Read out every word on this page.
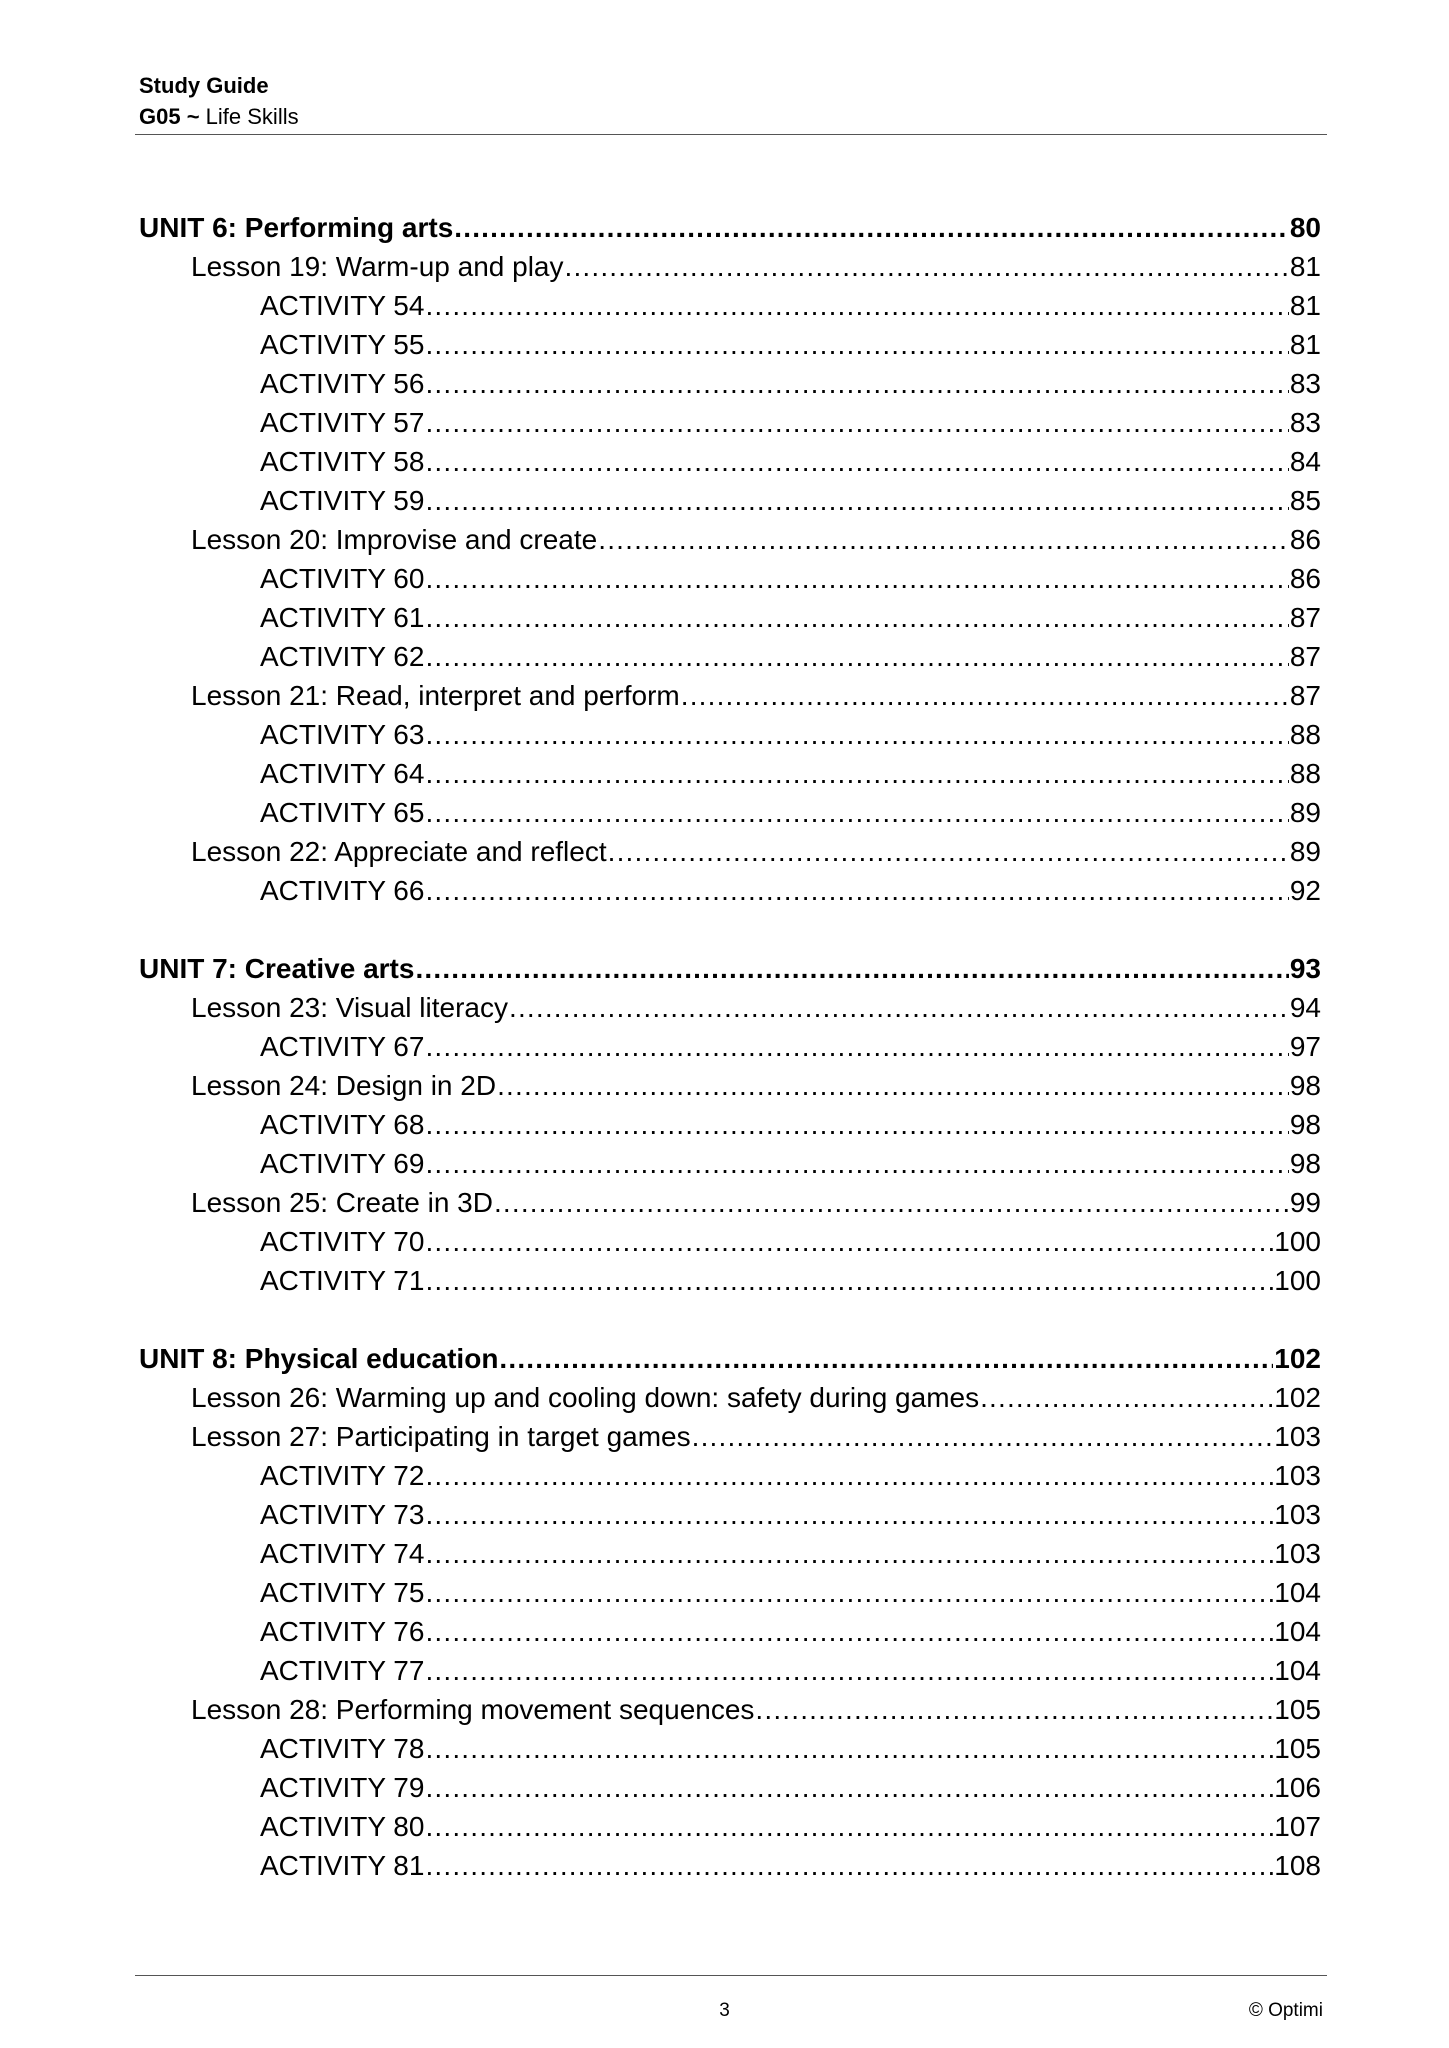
Study Guide
G05 ~ Life Skills
UNIT 6: Performing arts . . .	80
Lesson 19: Warm-up and play . . .	81
ACTIVITY 54 . . .	81
ACTIVITY 55 . . .	81
ACTIVITY 56 . . .	83
ACTIVITY 57 . . .	83
ACTIVITY 58 . . .	84
ACTIVITY 59 . . .	85
Lesson 20: Improvise and create . . .	86
ACTIVITY 60 . . .	86
ACTIVITY 61 . . .	87
ACTIVITY 62 . . .	87
Lesson 21: Read, interpret and perform . . .	87
ACTIVITY 63 . . .	88
ACTIVITY 64 . . .	88
ACTIVITY 65 . . .	89
Lesson 22: Appreciate and reflect . . .	89
ACTIVITY 66 . . .	92
UNIT 7: Creative arts . . .	93
Lesson 23: Visual literacy . . .	94
ACTIVITY 67 . . .	97
Lesson 24: Design in 2D . . .	98
ACTIVITY 68 . . .	98
ACTIVITY 69 . . .	98
Lesson 25: Create in 3D . . .	99
ACTIVITY 70 . . .	100
ACTIVITY 71 . . .	100
UNIT 8: Physical education . . .	102
Lesson 26: Warming up and cooling down: safety during games . . .	102
Lesson 27: Participating in target games . . .	103
ACTIVITY 72 . . .	103
ACTIVITY 73 . . .	103
ACTIVITY 74 . . .	103
ACTIVITY 75 . . .	104
ACTIVITY 76 . . .	104
ACTIVITY 77 . . .	104
Lesson 28: Performing movement sequences . . .	105
ACTIVITY 78 . . .	105
ACTIVITY 79 . . .	106
ACTIVITY 80 . . .	107
ACTIVITY 81 . . .	108
3	© Optimi
